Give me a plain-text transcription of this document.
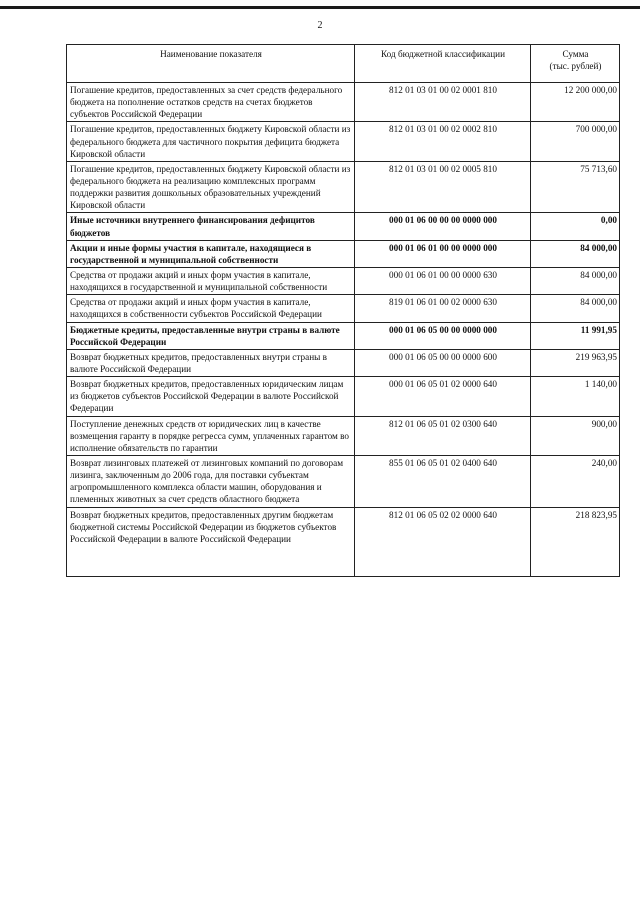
2
Наименование показателя	Код бюджетной классификации	Сумма
(тыс. рублей)
Погашение кредитов, предоставленных за счет средств федерального бюджета на пополнение остатков средств на счетах бюджетов субъектов Российской Федерации	812 01 03 01 00 02 0001 810	12 200 000,00
Погашение кредитов, предоставленных бюджету Кировской области из федерального бюджета для частичного покрытия дефицита бюджета Кировской области	812 01 03 01 00 02 0002 810	700 000,00
Погашение кредитов, предоставленных бюджету Кировской области из федерального бюджета на реализацию комплексных программ поддержки развития дошкольных образовательных учреждений Кировской области	812 01 03 01 00 02 0005 810	75 713,60
Иные источники внутреннего финансирования дефицитов бюджетов	000 01 06 00 00 00 0000 000	0,00
Акции и иные формы участия в капитале, находящиеся в государственной и муниципальной собственности	000 01 06 01 00 00 0000 000	84 000,00
Средства от продажи акций и иных форм участия в капитале, находящихся в государственной и муниципальной собственности	000 01 06 01 00 00 0000 630	84 000,00
Средства от продажи акций и иных форм участия в капитале, находящихся в собственности субъектов Российской Федерации	819 01 06 01 00 02 0000 630	84 000,00
Бюджетные кредиты, предоставленные внутри страны в валюте Российской Федерации	000 01 06 05 00 00 0000 000	11 991,95
Возврат бюджетных кредитов, предоставленных внутри страны в валюте Российской Федерации	000 01 06 05 00 00 0000 600	219 963,95
Возврат бюджетных кредитов, предоставленных юридическим лицам из бюджетов субъектов Российской Федерации в валюте Российской Федерации	000 01 06 05 01 02 0000 640	1 140,00
Поступление денежных средств от юридических лиц в качестве возмещения гаранту в порядке регресса сумм, уплаченных гарантом во исполнение обязательств по гарантии	812 01 06 05 01 02 0300 640	900,00
Возврат лизинговых платежей от лизинговых компаний по договорам лизинга, заключенным до 2006 года, для поставки субъектам агропромышленного комплекса области машин, оборудования и племенных животных за счет средств областного бюджета	855 01 06 05 01 02 0400 640	240,00
Возврат бюджетных кредитов, предоставленных другим бюджетам бюджетной системы Российской Федерации из бюджетов субъектов Российской Федерации в валюте Российской Федерации	812 01 06 05 02 02 0000 640	218 823,95
